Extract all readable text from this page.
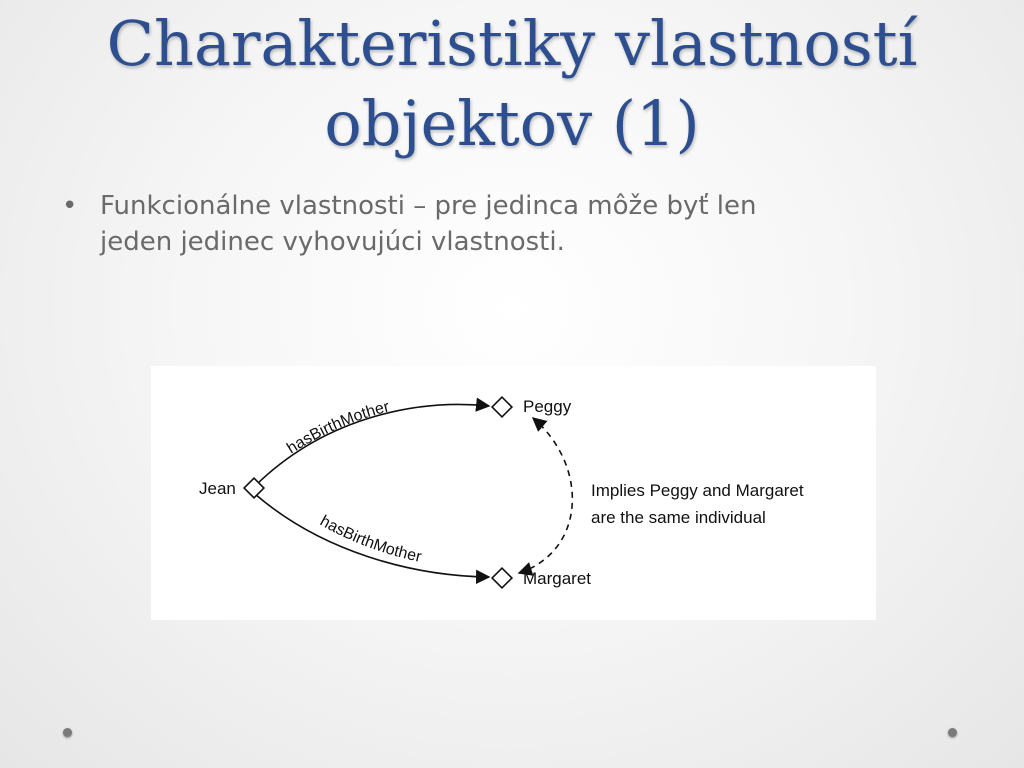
Charakteristiky vlastností
objektov (1)
• Funkcionálne vlastnosti – pre jedinca môže byť len
jeden jedinec vyhovujúci vlastnosti.
hasBirthMother
hasBirthMother
Jean
Peggy
Margaret
Implies Peggy and Margaret
are the same individual
